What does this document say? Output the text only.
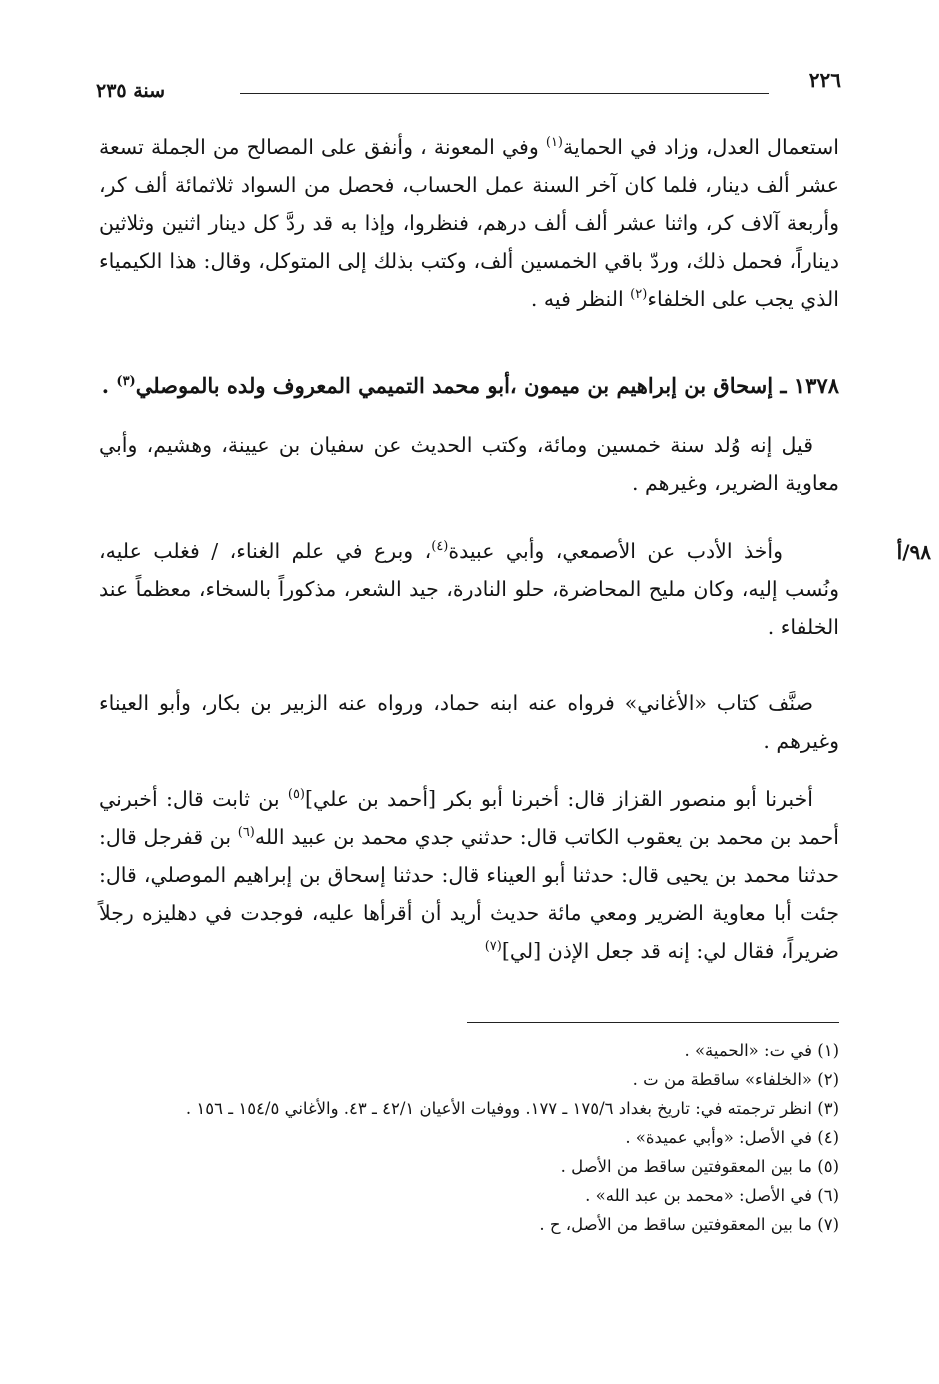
٢٢٦
سنة ٢٣٥
استعمال العدل، وزاد في الحماية$^{(١)}$ وفي المعونة ، وأنفق على المصالح من الجملة تسعة عشر ألف دينار، فلما كان آخر السنة عمل الحساب، فحصل من السواد ثلاثمائة ألف كر، وأربعة آلاف كر، واثنا عشر ألف ألف درهم، فنظروا، وإذا به قد ردَّ كل دينار اثنين وثلاثين ديناراً، فحمل ذلك، وردّ باقي الخمسين ألف، وكتب بذلك إلى المتوكل، وقال: هذا الكيمياء الذي يجب على الخلفاء$^{(٢)}$ النظر فيه .
١٣٧٨ ـ إسحاق بن إبراهيم بن ميمون ،أبو محمد التميمي المعروف ولده بالموصلي$^{(٣)}$ .
قيل إنه وُلد سنة خمسين ومائة، وكتب الحديث عن سفيان بن عيينة، وهشيم، وأبي معاوية الضرير، وغيرهم .
٩٨/أ
وأخذ الأدب عن الأصمعي، وأبي عبيدة$^{(٤)}$، وبرع في علم الغناء، / فغلب عليه، ونُسب إليه، وكان مليح المحاضرة، حلو النادرة، جيد الشعر، مذكوراً بالسخاء، معظماً عند الخلفاء .
صنَّف كتاب «الأغاني» فرواه عنه ابنه حماد، ورواه عنه الزبير بن بكار، وأبو العيناء وغيرهم .
أخبرنا أبو منصور القزاز قال: أخبرنا أبو بكر [أحمد بن علي]$^{(٥)}$ بن ثابت قال: أخبرني أحمد بن محمد بن يعقوب الكاتب قال: حدثني جدي محمد بن عبيد الله$^{(٦)}$ بن قفرجل قال: حدثنا محمد بن يحيى قال: حدثنا أبو العيناء قال: حدثنا إسحاق بن إبراهيم الموصلي، قال: جئت أبا معاوية الضرير ومعي مائة حديث أريد أن أقرأها عليه، فوجدت في دهليزه رجلاً ضريراً، فقال لي: إنه قد جعل الإذن [لي]$^{(٧)}$

(١) في ت: «الحمية» .

(٢) «الخلفاء» ساقطة من ت .

(٣) انظر ترجمته في: تاريخ بغداد ١٧٥/٦ ـ ١٧٧. ووفيات الأعيان ٤٢/١ ـ ٤٣. والأغاني ١٥٤/٥ ـ ١٥٦ .

(٤) في الأصل: «وأبي عميدة» .

(٥) ما بين المعقوفتين ساقط من الأصل .

(٦) في الأصل: «محمد بن عبد الله» .

(٧) ما بين المعقوفتين ساقط من الأصل، ح .
